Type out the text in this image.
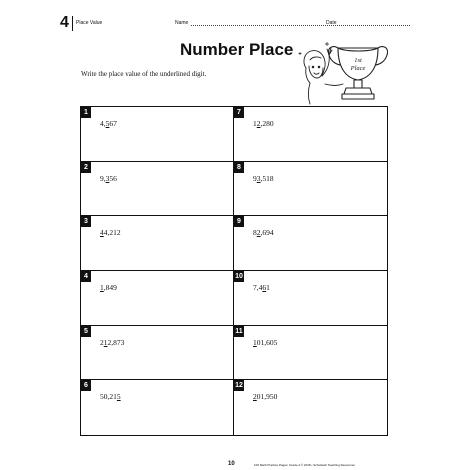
4 Place Value	Name	Date
Number Place
Write the place value of the underlined digit.
1st
Place
1
4,567
7
12,280
2
9,356
8
93,518
3
44,212
9
82,694
4
1,849
10
7,461
5
212,873
11
101,605
6
50,215
12
201,950
10	100 Math Practice Pages: Grade 4 © 2018 • Scholastic Teaching Resources
